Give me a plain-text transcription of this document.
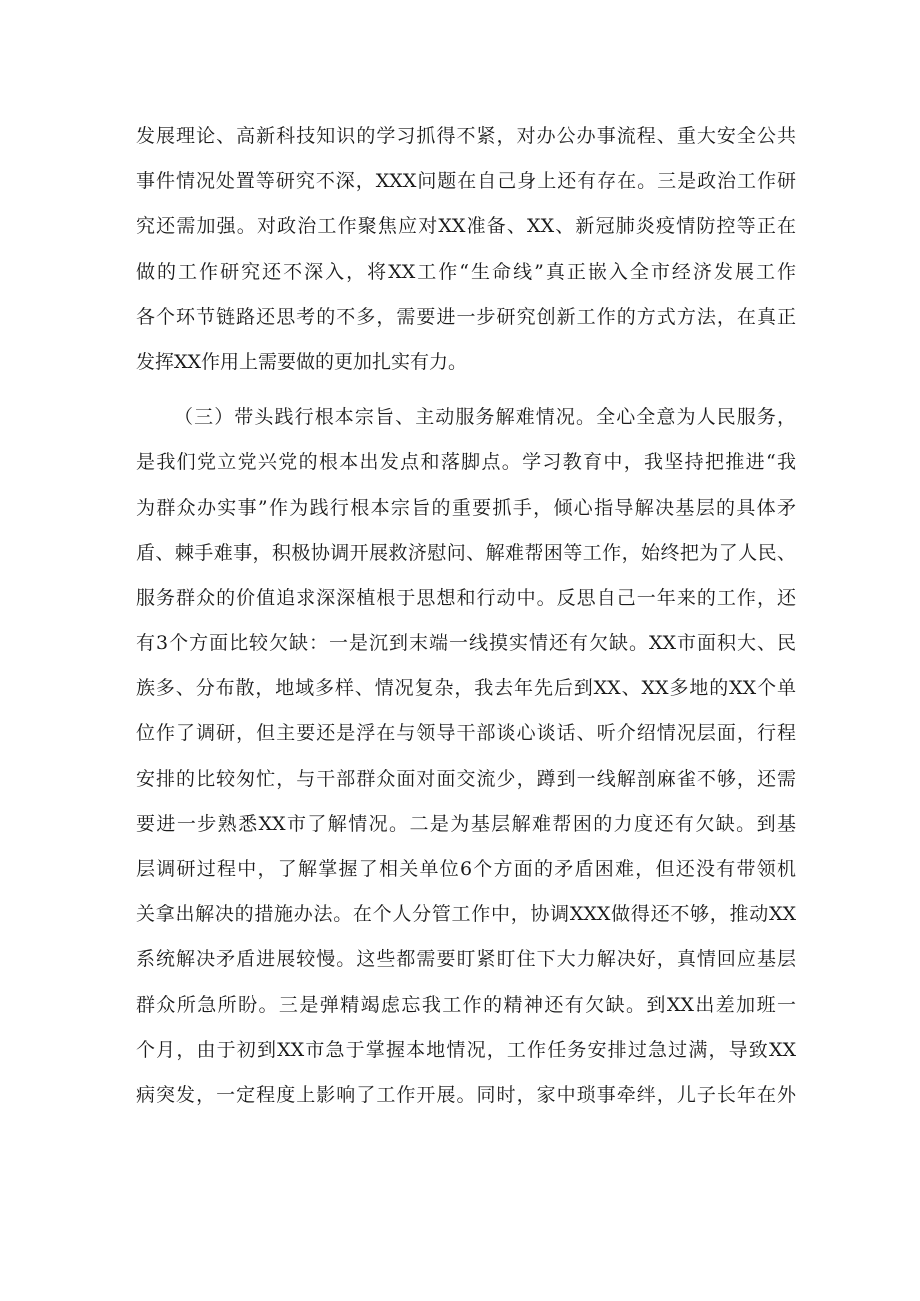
发展理论、高新科技知识的学习抓得不紧，对办公办事流程、重大安全公共
事件情况处置等研究不深，XXX问题在自己身上还有存在。三是政治工作研
究还需加强。对政治工作聚焦应对XX准备、XX、新冠肺炎疫情防控等正在
做的工作研究还不深入，将XX工作“生命线”真正嵌入全市经济发展工作
各个环节链路还思考的不多，需要进一步研究创新工作的方式方法，在真正
发挥XX作用上需要做的更加扎实有力。
（三）带头践行根本宗旨、主动服务解难情况。全心全意为人民服务，
是我们党立党兴党的根本出发点和落脚点。学习教育中，我坚持把推进“我
为群众办实事”作为践行根本宗旨的重要抓手，倾心指导解决基层的具体矛
盾、棘手难事，积极协调开展救济慰问、解难帮困等工作，始终把为了人民、
服务群众的价值追求深深植根于思想和行动中。反思自己一年来的工作，还
有3个方面比较欠缺：一是沉到末端一线摸实情还有欠缺。XX市面积大、民
族多、分布散，地域多样、情况复杂，我去年先后到XX、XX多地的XX个单
位作了调研，但主要还是浮在与领导干部谈心谈话、听介绍情况层面，行程
安排的比较匆忙，与干部群众面对面交流少，蹲到一线解剖麻雀不够，还需
要进一步熟悉XX市了解情况。二是为基层解难帮困的力度还有欠缺。到基
层调研过程中，了解掌握了相关单位6个方面的矛盾困难，但还没有带领机
关拿出解决的措施办法。在个人分管工作中，协调XXX做得还不够，推动XX
系统解决矛盾进展较慢。这些都需要盯紧盯住下大力解决好，真情回应基层
群众所急所盼。三是弹精竭虑忘我工作的精神还有欠缺。到XX出差加班一
个月，由于初到XX市急于掌握本地情况，工作任务安排过急过满，导致XX
病突发，一定程度上影响了工作开展。同时，家中琐事牵绊，儿子长年在外
